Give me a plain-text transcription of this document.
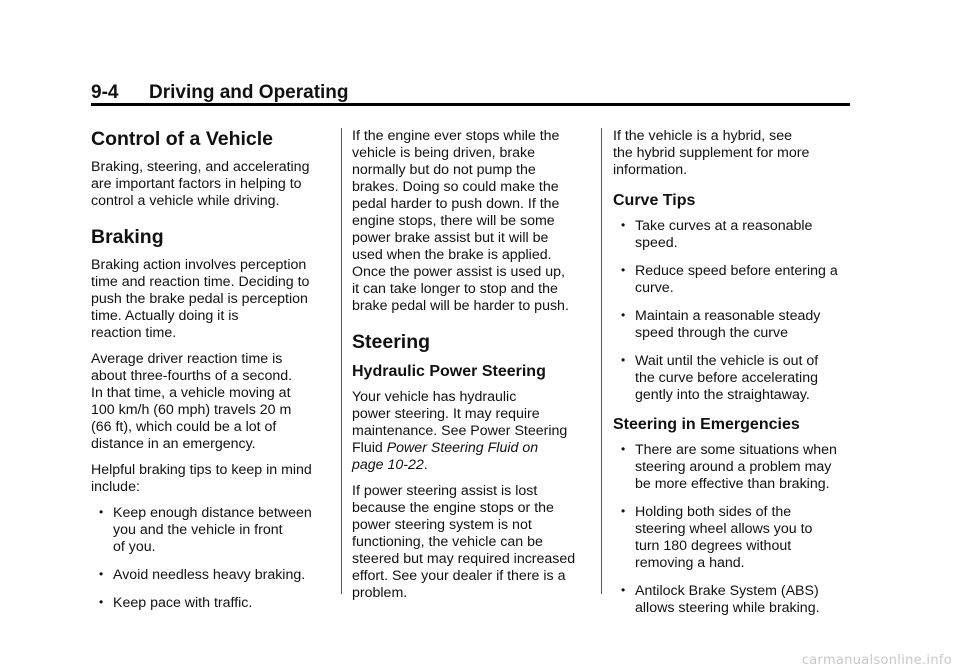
9-4 Driving and Operating
Control of a Vehicle

Braking, steering, and accelerating
are important factors in helping to
control a vehicle while driving.

Braking

Braking action involves perception
time and reaction time. Deciding to
push the brake pedal is perception
time. Actually doing it is
reaction time.

Average driver reaction time is
about three-fourths of a second.
In that time, a vehicle moving at
100 km/h (60 mph) travels 20 m
(66 ft), which could be a lot of
distance in an emergency.

Helpful braking tips to keep in mind
include:

• Keep enough distance between
you and the vehicle in front
of you.
• Avoid needless heavy braking.
• Keep pace with traffic.

If the engine ever stops while the
vehicle is being driven, brake
normally but do not pump the
brakes. Doing so could make the
pedal harder to push down. If the
engine stops, there will be some
power brake assist but it will be
used when the brake is applied.
Once the power assist is used up,
it can take longer to stop and the
brake pedal will be harder to push.

Steering
Hydraulic Power Steering

Your vehicle has hydraulic
power steering. It may require
maintenance. See Power Steering
Fluid Power Steering Fluid on
page 10-22.

If power steering assist is lost
because the engine stops or the
power steering system is not
functioning, the vehicle can be
steered but may required increased
effort. See your dealer if there is a
problem.

If the vehicle is a hybrid, see
the hybrid supplement for more
information.

Curve Tips
• Take curves at a reasonable
speed.
• Reduce speed before entering a
curve.
• Maintain a reasonable steady
speed through the curve
• Wait until the vehicle is out of
the curve before accelerating
gently into the straightaway.
Steering in Emergencies
• There are some situations when
steering around a problem may
be more effective than braking.
• Holding both sides of the
steering wheel allows you to
turn 180 degrees without
removing a hand.
• Antilock Brake System (ABS)
allows steering while braking.
carmanualsonline.info
